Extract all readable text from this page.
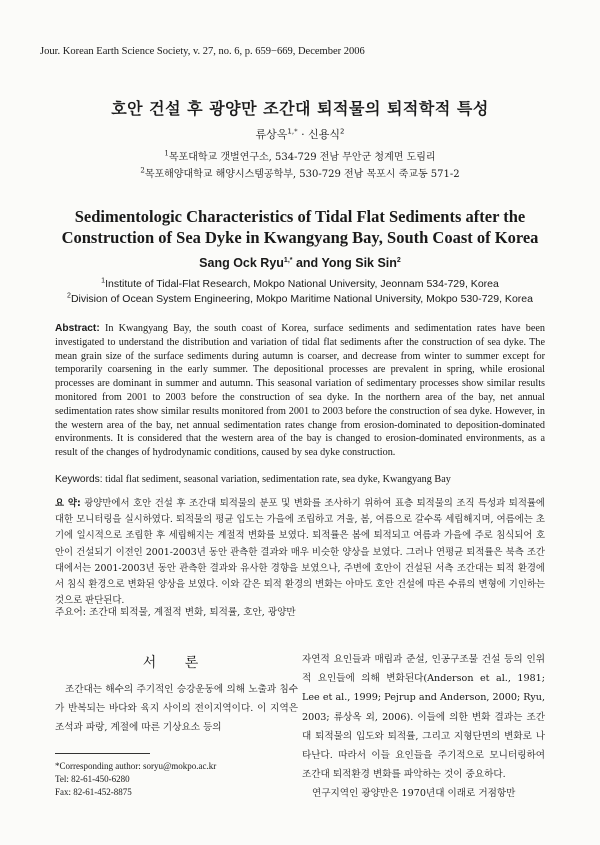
Jour. Korean Earth Science Society, v. 27, no. 6, p. 659−669, December 2006
호안 건설 후 광양만 조간대 퇴적물의 퇴적학적 특성
류상옥$^{1,*}$ · 신용식$^2$
$^1$목포대학교 갯벌연구소, 534-729 전남 무안군 청계면 도림리
$^2$목포해양대학교 해양시스템공학부, 530-729 전남 목포시 죽교동 571-2
Sedimentologic Characteristics of Tidal Flat Sediments after the
Construction of Sea Dyke in Kwangyang Bay, South Coast of Korea
Sang Ock Ryu$^{1,*}$ and Yong Sik Sin$^2$
$^1$Institute of Tidal-Flat Research, Mokpo National University, Jeonnam 534-729, Korea
$^2$Division of Ocean System Engineering, Mokpo Maritime National University, Mokpo 530-729, Korea
Abstract: In Kwangyang Bay, the south coast of Korea, surface sediments and sedimentation rates have been investigated to understand the distribution and variation of tidal flat sediments after the construction of sea dyke. The mean grain size of the surface sediments during autumn is coarser, and decrease from winter to summer except for temporarily coarsening in the early summer. The depositional processes are prevalent in spring, while erosional processes are dominant in summer and autumn. This seasonal variation of sedimentary processes show similar results monitored from 2001 to 2003 before the construction of sea dyke. In the northern area of the bay, net annual sedimentation rates show similar results monitored from 2001 to 2003 before the construction of sea dyke. However, in the western area of the bay, net annual sedimentation rates change from erosion-dominated to deposition-dominated environments. It is considered that the western area of the bay is changed to erosion-dominated environments, as a result of the changes of hydrodynamic conditions, caused by sea dyke construction.
Keywords: tidal flat sediment, seasonal variation, sedimentation rate, sea dyke, Kwangyang Bay
요 약: 광양만에서 호안 건설 후 조간대 퇴적물의 분포 및 변화를 조사하기 위하여 표층 퇴적물의 조직 특성과 퇴적률에 대한 모니터링을 실시하였다. 퇴적물의 평균 입도는 가을에 조립하고 겨울, 봄, 여름으로 갈수록 세립해지며, 여름에는 초기에 일시적으로 조립한 후 세립해지는 계절적 변화를 보였다. 퇴적률은 봄에 퇴적되고 여름과 가을에 주로 침식되어 호안이 건설되기 이전인 2001-2003년 동안 관측한 결과와 매우 비슷한 양상을 보였다. 그러나 연평균 퇴적률은 북측 조간대에서는 2001-2003년 동안 관측한 결과와 유사한 경향을 보였으나, 주변에 호안이 건설된 서측 조간대는 퇴적 환경에서 침식 환경으로 변화된 양상을 보였다. 이와 같은 퇴적 환경의 변화는 아마도 호안 건설에 따른 수류의 변형에 기인하는 것으로 판단된다.
주요어: 조간대 퇴적물, 계절적 변화, 퇴적률, 호안, 광양만
서 론
조간대는 해수의 주기적인 승강운동에 의해 노출과 침수가 반복되는 바다와 육지 사이의 전이지역이다. 이 지역은 조석과 파랑, 계절에 따른 기상요소 등의
자연적 요인들과 매립과 준설, 인공구조물 건설 등의 인위적 요인들에 의해 변화된다(Anderson et al., 1981; Lee et al., 1999; Pejrup and Anderson, 2000; Ryu, 2003; 류상옥 외, 2006). 이들에 의한 변화 결과는 조간대 퇴적물의 입도와 퇴적률, 그리고 지형단면의 변화로 나타난다. 따라서 이들 요인들을 주기적으로 모니터링하여 조간대 퇴적환경 변화를 파악하는 것이 중요하다.
연구지역인 광양만은 1970년대 이래로 거점항만
*Corresponding author: soryu@mokpo.ac.kr
Tel: 82-61-450-6280
Fax: 82-61-452-8875
